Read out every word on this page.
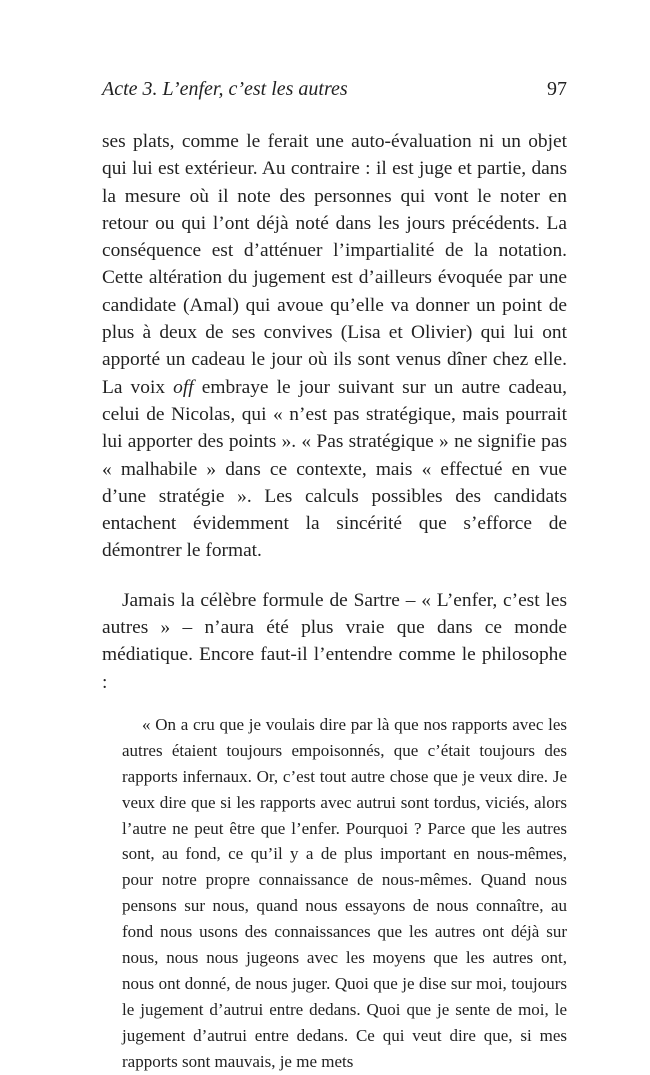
Acte 3. L’enfer, c’est les autres	97

ses plats, comme le ferait une auto-évaluation ni un objet qui lui est extérieur. Au contraire : il est juge et partie, dans la mesure où il note des personnes qui vont le noter en retour ou qui l’ont déjà noté dans les jours précédents. La conséquence est d’atténuer l’impartialité de la notation. Cette altération du jugement est d’ailleurs évoquée par une candidate (Amal) qui avoue qu’elle va donner un point de plus à deux de ses convives (Lisa et Olivier) qui lui ont apporté un cadeau le jour où ils sont venus dîner chez elle. La voix off embraye le jour suivant sur un autre cadeau, celui de Nicolas, qui « n’est pas stratégique, mais pourrait lui apporter des points ». « Pas stratégique » ne signifie pas « malhabile » dans ce contexte, mais « effectué en vue d’une stratégie ». Les calculs possibles des candidats entachent évidemment la sincérité que s’efforce de démontrer le format.

Jamais la célèbre formule de Sartre – « L’enfer, c’est les autres » – n’aura été plus vraie que dans ce monde médiatique. Encore faut-il l’entendre comme le philosophe :

« On a cru que je voulais dire par là que nos rapports avec les autres étaient toujours empoisonnés, que c’était toujours des rapports infernaux. Or, c’est tout autre chose que je veux dire. Je veux dire que si les rapports avec autrui sont tordus, viciés, alors l’autre ne peut être que l’enfer. Pourquoi ? Parce que les autres sont, au fond, ce qu’il y a de plus important en nous-mêmes, pour notre propre connaissance de nous-mêmes. Quand nous pensons sur nous, quand nous essayons de nous connaître, au fond nous usons des connaissances que les autres ont déjà sur nous, nous nous jugeons avec les moyens que les autres ont, nous ont donné, de nous juger. Quoi que je dise sur moi, toujours le jugement d’autrui entre dedans. Quoi que je sente de moi, le jugement d’autrui entre dedans. Ce qui veut dire que, si mes rapports sont mauvais, je me mets
